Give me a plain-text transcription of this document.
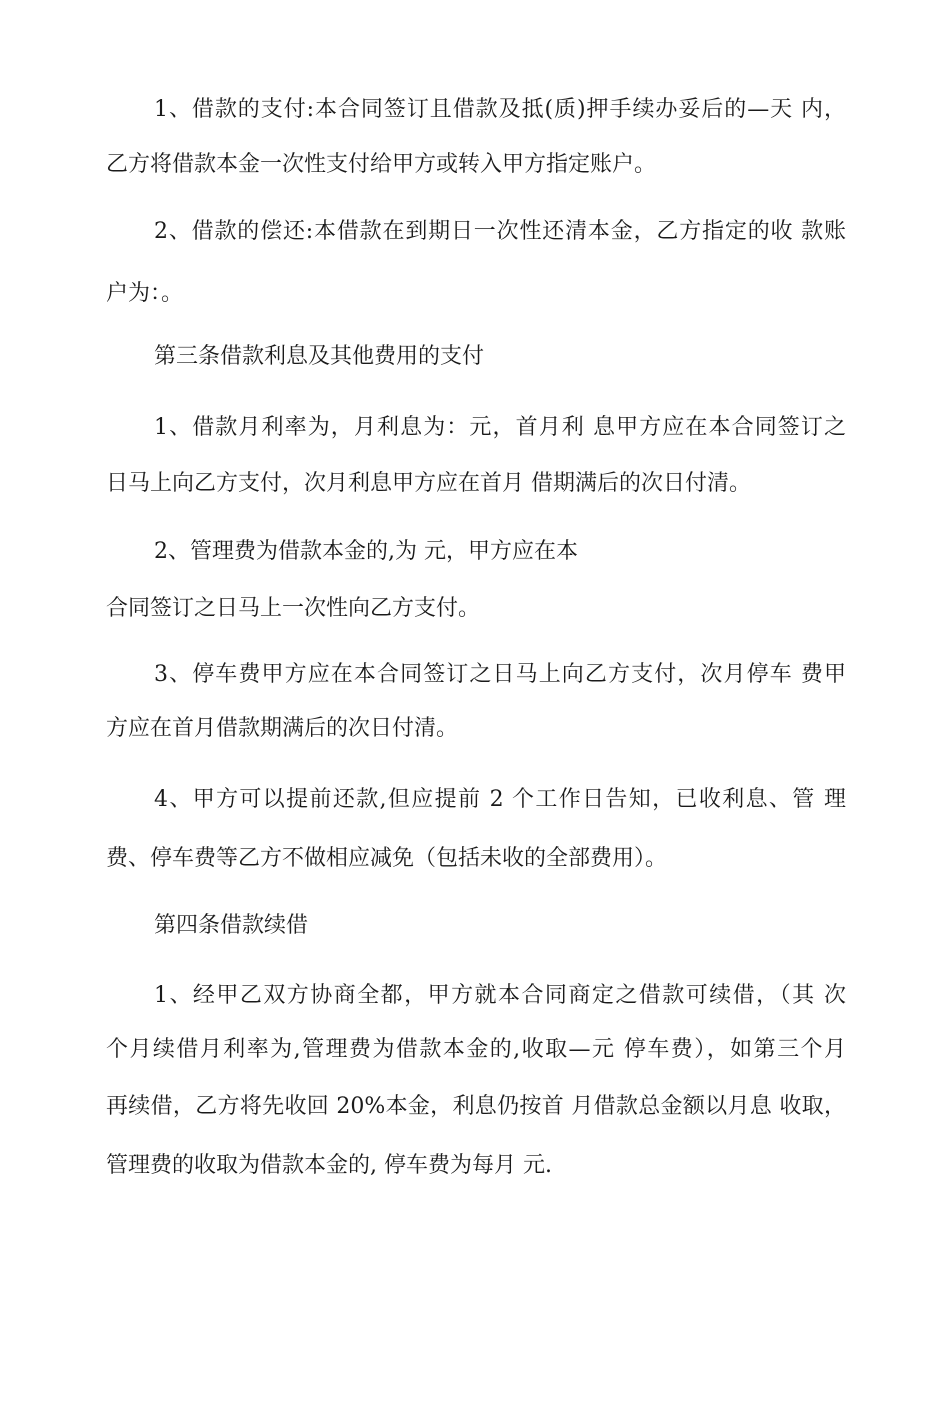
1、借款的支付:本合同签订且借款及抵(质)押手续办妥后的—天 内，
乙方将借款本金一次性支付给甲方或转入甲方指定账户。
2、借款的偿还:本借款在到期日一次性还清本金，乙方指定的收 款账
户为：。
第三条借款利息及其他费用的支付
1、借款月利率为，月利息为：元，首月利 息甲方应在本合同签订之
日马上向乙方支付，次月利息甲方应在首月 借期满后的次日付清。
2、管理费为借款本金的,为 元，甲方应在本
合同签订之日马上一次性向乙方支付。
3、停车费甲方应在本合同签订之日马上向乙方支付，次月停车 费甲
方应在首月借款期满后的次日付清。
4、甲方可以提前还款,但应提前 2 个工作日告知，已收利息、管 理
费、停车费等乙方不做相应减免（包括未收的全部费用）。
第四条借款续借
1、经甲乙双方协商全都，甲方就本合同商定之借款可续借，（其 次
个月续借月利率为,管理费为借款本金的,收取—元 停车费），如第三个月
再续借，乙方将先收回 20%本金，利息仍按首 月借款总金额以月息 收取，
管理费的收取为借款本金的, 停车费为每月 元.
